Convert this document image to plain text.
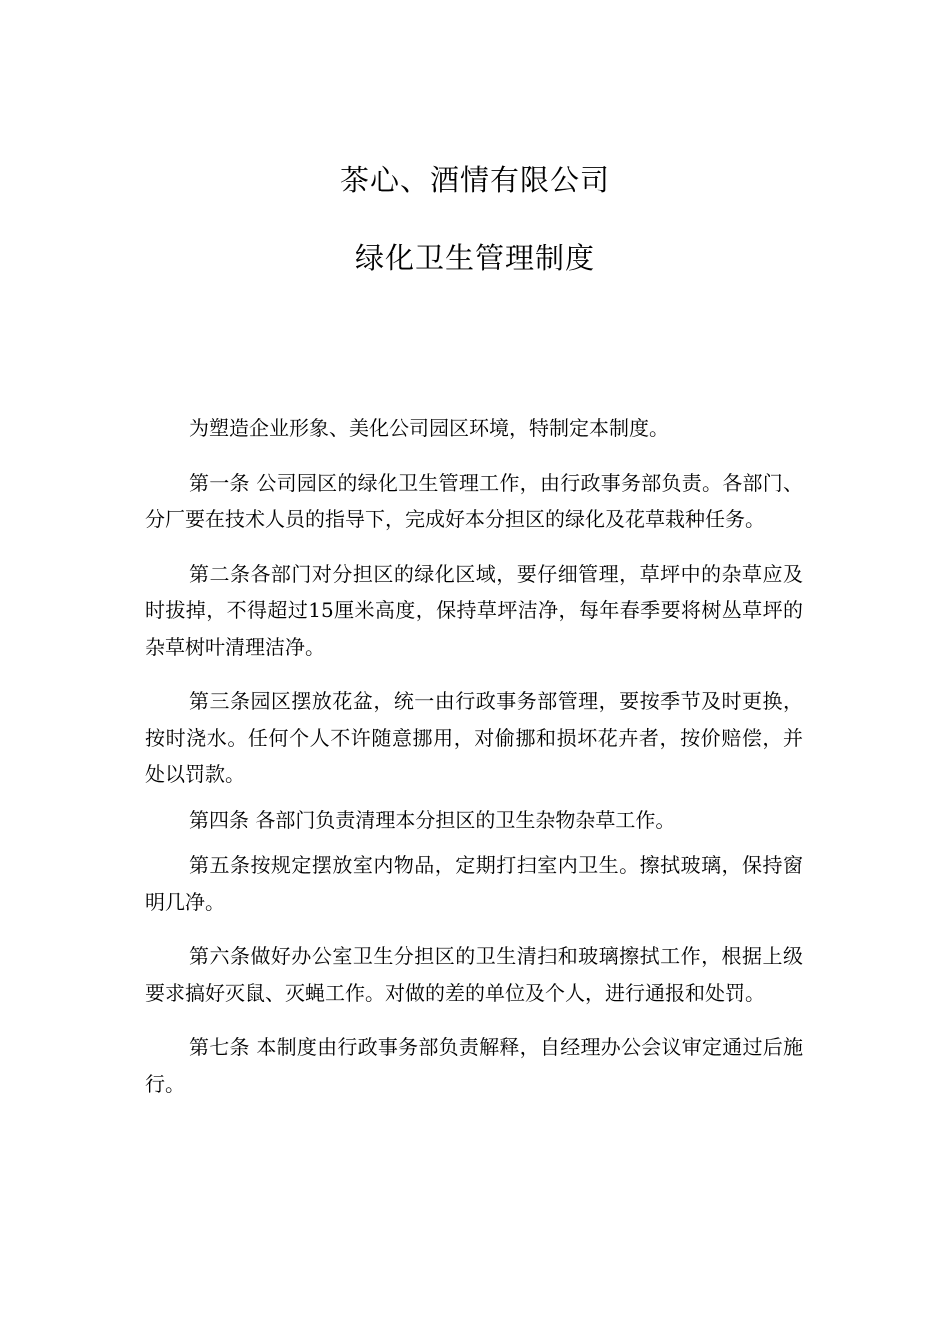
茶心、酒情有限公司
绿化卫生管理制度

为塑造企业形象、美化公司园区环境，特制定本制度。

第一条 公司园区的绿化卫生管理工作，由行政事务部负责。各部门、分厂要在技术人员的指导下，完成好本分担区的绿化及花草栽种任务。

第二条各部门对分担区的绿化区域，要仔细管理，草坪中的杂草应及时拔掉，不得超过15厘米高度，保持草坪洁净，每年春季要将树丛草坪的杂草树叶清理洁净。

第三条园区摆放花盆，统一由行政事务部管理，要按季节及时更换，按时浇水。任何个人不许随意挪用，对偷挪和损坏花卉者，按价赔偿，并处以罚款。

第四条 各部门负责清理本分担区的卫生杂物杂草工作。

第五条按规定摆放室内物品，定期打扫室内卫生。擦拭玻璃，保持窗明几净。

第六条做好办公室卫生分担区的卫生清扫和玻璃擦拭工作，根据上级要求搞好灭鼠、灭蝇工作。对做的差的单位及个人，进行通报和处罚。

第七条 本制度由行政事务部负责解释，自经理办公会议审定通过后施行。
